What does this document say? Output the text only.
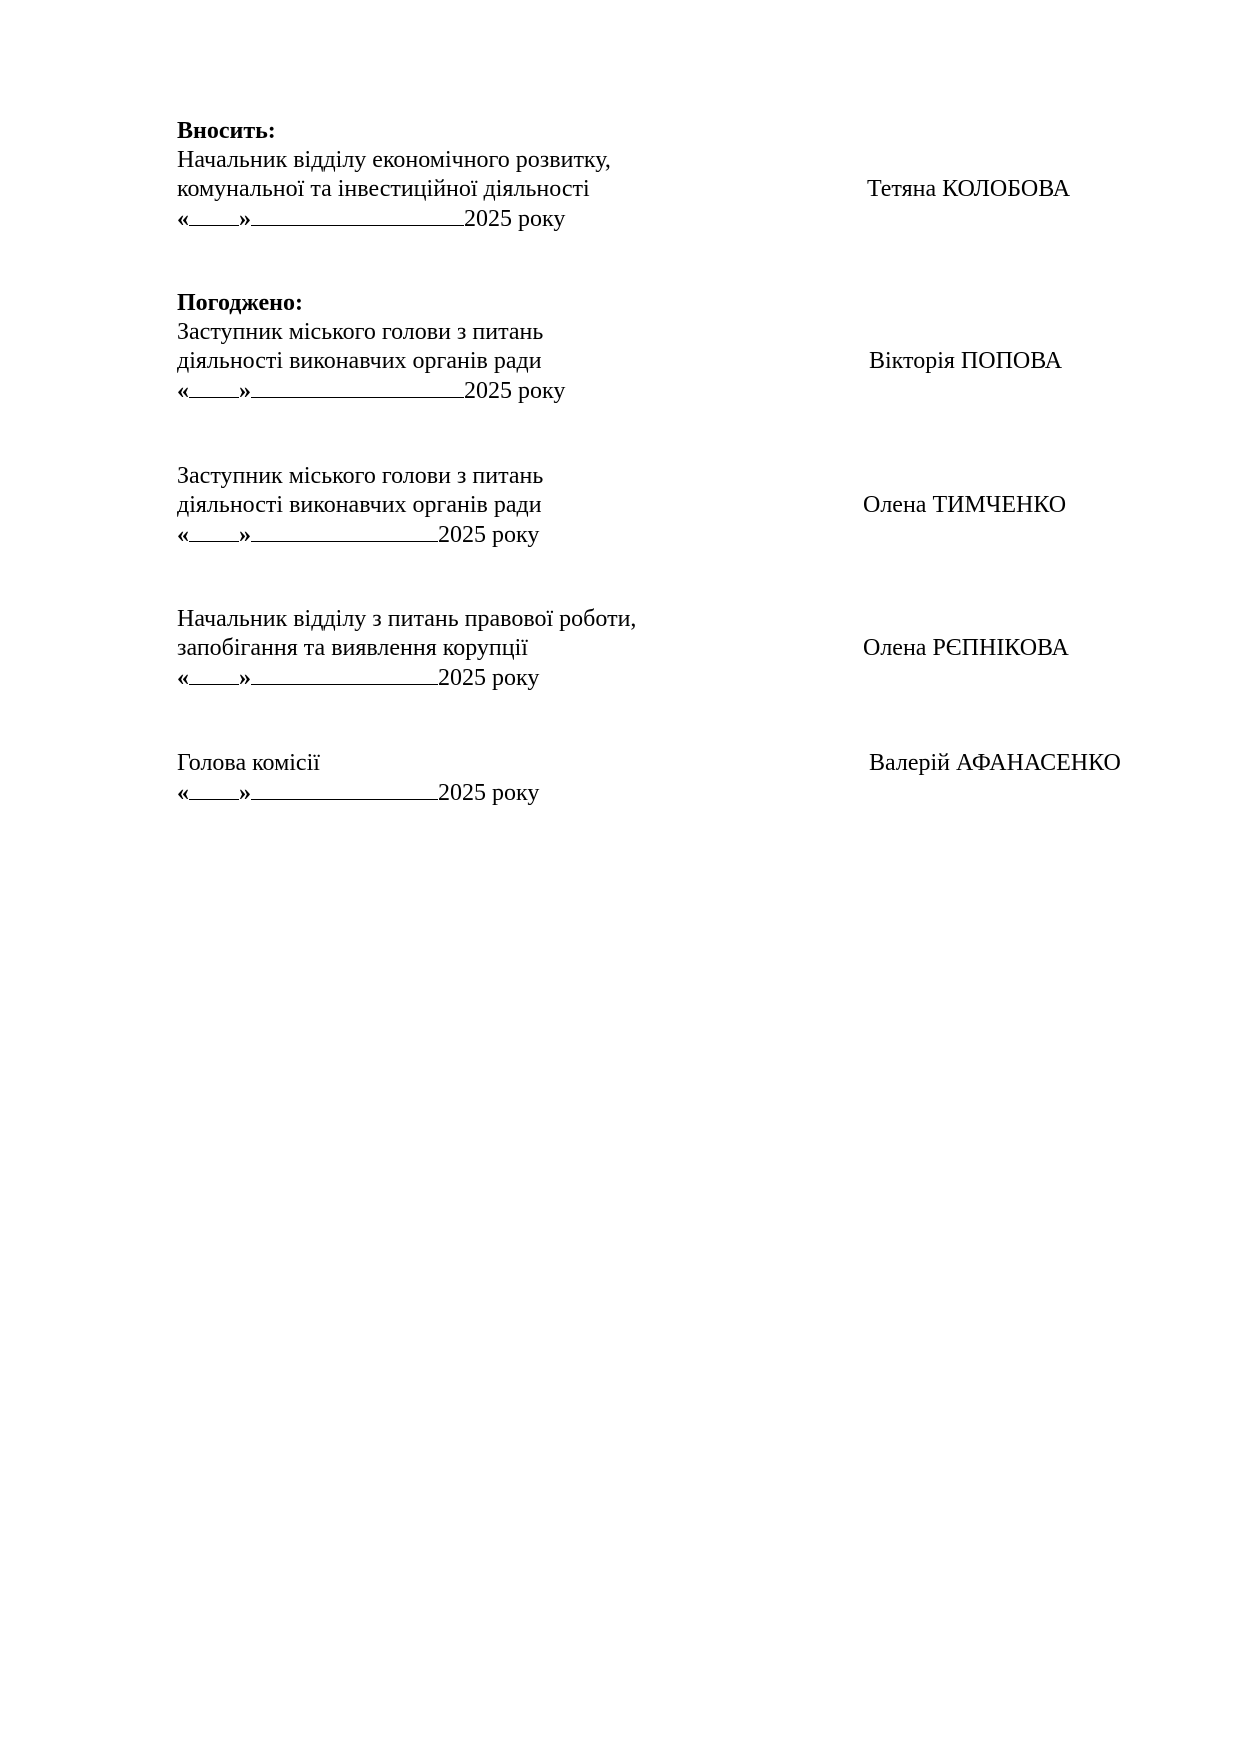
Вносить:
Начальник відділу економічного розвитку,
комунальної та інвестиційної діяльності	Тетяна КОЛОБОВА
« »	2025 року
Погоджено:
Заступник міського голови з питань
діяльності виконавчих органів ради	Вікторія ПОПОВА
« »	2025 року
Заступник міського голови з питань
діяльності виконавчих органів ради	Олена ТИМЧЕНКО
« »	2025 року
Начальник відділу з питань правової роботи,
запобігання та виявлення корупції	Олена РЄПНІКОВА
« »	2025 року
Голова комісії	Валерій АФАНАСЕНКО
« »	2025 року
